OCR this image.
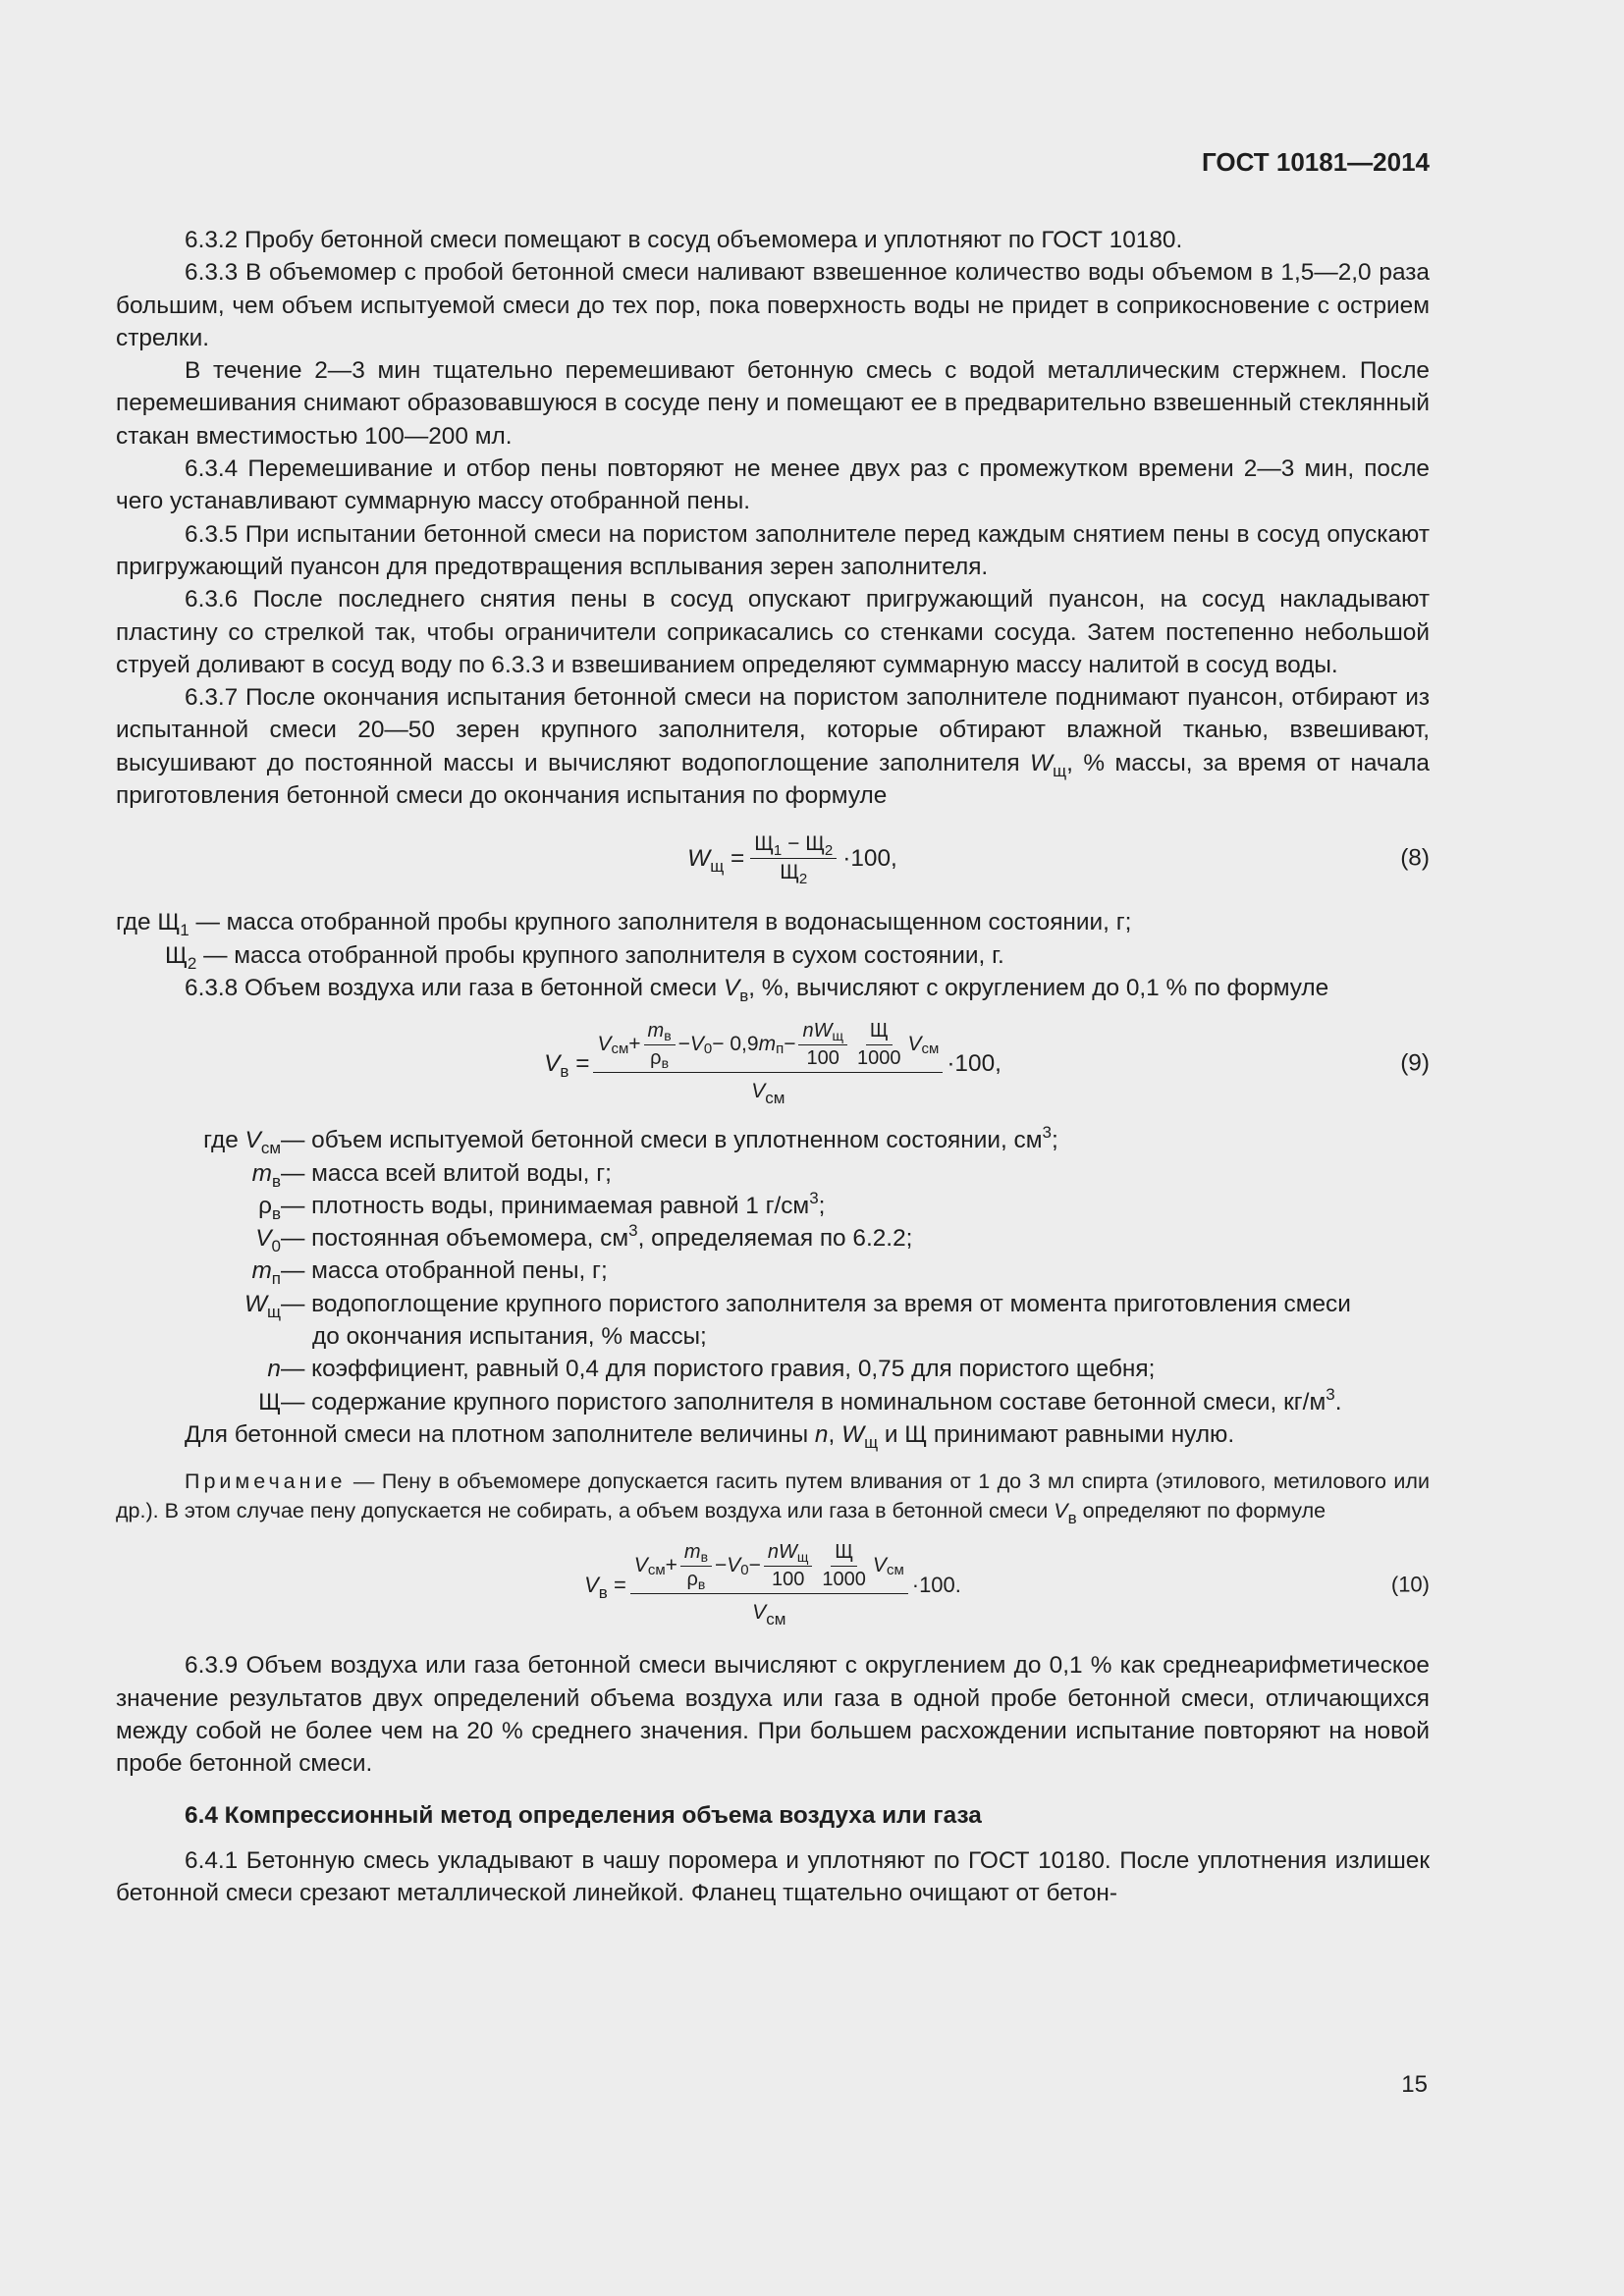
ГОСТ 10181—2014

6.3.2 Пробу бетонной смеси помещают в сосуд объемомера и уплотняют по ГОСТ 10180.

6.3.3 В объемомер с пробой бетонной смеси наливают взвешенное количество воды объемом в 1,5—2,0 раза большим, чем объем испытуемой смеси до тех пор, пока поверхность воды не придет в соприкосновение с острием стрелки.

В течение 2—3 мин тщательно перемешивают бетонную смесь с водой металлическим стержнем. После перемешивания снимают образовавшуюся в сосуде пену и помещают ее в предварительно взвешенный стеклянный стакан вместимостью 100—200 мл.

6.3.4 Перемешивание и отбор пены повторяют не менее двух раз с промежутком времени 2—3 мин, после чего устанавливают суммарную массу отобранной пены.

6.3.5 При испытании бетонной смеси на пористом заполнителе перед каждым снятием пены в сосуд опускают пригружающий пуансон для предотвращения всплывания зерен заполнителя.

6.3.6 После последнего снятия пены в сосуд опускают пригружающий пуансон, на сосуд накладывают пластину со стрелкой так, чтобы ограничители соприкасались со стенками сосуда. Затем постепенно небольшой струей доливают в сосуд воду по 6.3.3 и взвешиванием определяют суммарную массу налитой в сосуд воды.

6.3.7 После окончания испытания бетонной смеси на пористом заполнителе поднимают пуансон, отбирают из испытанной смеси 20—50 зерен крупного заполнителя, которые обтирают влажной тканью, взвешивают, высушивают до постоянной массы и вычисляют водопоглощение заполнителя $W_щ$, % массы, за время от начала приготовления бетонной смеси до окончания испытания по формуле

$W_щ = \frac{Щ_1 - Щ_2}{Щ_2} \cdot 100$,	(8)
где $Щ_1$ — масса отобранной пробы крупного заполнителя в водонасыщенном состоянии, г;
$Щ_2$ — масса отобранной пробы крупного заполнителя в сухом состоянии, г.

6.3.8 Объем воздуха или газа в бетонной смеси $V_в$, %, вычисляют с округлением до 0,1 % по формуле

$V_в$ =
V см + $\frac{m_в}{\rho_в} - V$ 0 − 0,9 m $п - \frac{nW_щ}{100} \frac{Щ}{1000}$ V см
$V_{см}$
·100,	(9)
где $V_{см}$ — объем испытуемой бетонной смеси в уплотненном состоянии, $см^3$;
$m_в$ — масса всей влитой воды, г;
$\rho_в$ — плотность воды, принимаемая равной 1 $г/см^3$;
$V_0$ — постоянная объемомера, $см^3$, определяемая по 6.2.2;
$m_п$ — масса отобранной пены, г;
$W_щ$ — водопоглощение крупного пористого заполнителя за время от момента приготовления смеси
до окончания испытания, % массы;
n — коэффициент, равный 0,4 для пористого гравия, 0,75 для пористого щебня;
Щ — содержание крупного пористого заполнителя в номинальном составе бетонной смеси, $кг/м^3$.

Для бетонной смеси на плотном заполнителе величины n, $W_щ$ и Щ принимают равными нулю.

Примечание — Пену в объемомере допускается гасить путем вливания от 1 до 3 мл спирта (этилового, метилового или др.). В этом случае пену допускается не собирать, а объем воздуха или газа в бетонной смеси $V_в$ определяют по формуле

$V_в$ =
V см + $\frac{m_в}{\rho_в} - V$ $0 - \frac{nW_щ}{100} \frac{Щ}{1000}$ V см
$V_{см}$
·100.	(10)

6.3.9 Объем воздуха или газа бетонной смеси вычисляют с округлением до 0,1 % как среднеарифметическое значение результатов двух определений объема воздуха или газа в одной пробе бетонной смеси, отличающихся между собой не более чем на 20 % среднего значения. При большем расхождении испытание повторяют на новой пробе бетонной смеси.

6.4 Компрессионный метод определения объема воздуха или газа

6.4.1 Бетонную смесь укладывают в чашу поромера и уплотняют по ГОСТ 10180. После уплотнения излишек бетонной смеси срезают металлической линейкой. Фланец тщательно очищают от бетон-

15
